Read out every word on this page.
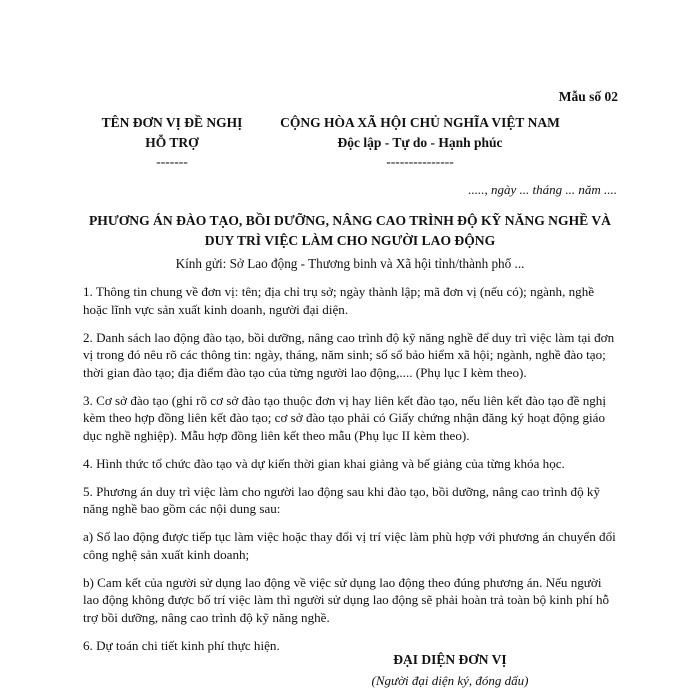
Mẫu số 02
TÊN ĐƠN VỊ ĐỀ NGHỊ
HỖ TRỢ
-------
CỘNG HÒA XÃ HỘI CHỦ NGHĨA VIỆT NAM
Độc lập - Tự do - Hạnh phúc
---------------
....., ngày ... tháng ... năm ....
PHƯƠNG ÁN ĐÀO TẠO, BỒI DƯỠNG, NÂNG CAO TRÌNH ĐỘ KỸ NĂNG NGHỀ VÀ
DUY TRÌ VIỆC LÀM CHO NGƯỜI LAO ĐỘNG
Kính gửi: Sở Lao động - Thương binh và Xã hội tỉnh/thành phố ...

1. Thông tin chung về đơn vị: tên; địa chỉ trụ sở; ngày thành lập; mã đơn vị (nếu có); ngành, nghề hoặc lĩnh vực sản xuất kinh doanh, người đại diện.

2. Danh sách lao động đào tạo, bồi dưỡng, nâng cao trình độ kỹ năng nghề để duy trì việc làm tại đơn vị trong đó nêu rõ các thông tin: ngày, tháng, năm sinh; số sổ bảo hiểm xã hội; ngành, nghề đào tạo; thời gian đào tạo; địa điểm đào tạo của từng người lao động,.... (Phụ lục I kèm theo).

3. Cơ sở đào tạo (ghi rõ cơ sở đào tạo thuộc đơn vị hay liên kết đào tạo, nếu liên kết đào tạo đề nghị kèm theo hợp đồng liên kết đào tạo; cơ sở đào tạo phải có Giấy chứng nhận đăng ký hoạt động giáo dục nghề nghiệp). Mẫu hợp đồng liên kết theo mẫu (Phụ lục II kèm theo).

4. Hình thức tổ chức đào tạo và dự kiến thời gian khai giảng và bế giảng của từng khóa học.

5. Phương án duy trì việc làm cho người lao động sau khi đào tạo, bồi dưỡng, nâng cao trình độ kỹ năng nghề bao gồm các nội dung sau:

a) Số lao động được tiếp tục làm việc hoặc thay đổi vị trí việc làm phù hợp với phương án chuyển đổi công nghệ sản xuất kinh doanh;

b) Cam kết của người sử dụng lao động về việc sử dụng lao động theo đúng phương án. Nếu người lao động không được bố trí việc làm thì người sử dụng lao động sẽ phải hoàn trả toàn bộ kinh phí hỗ trợ bồi dưỡng, nâng cao trình độ kỹ năng nghề.

6. Dự toán chi tiết kinh phí thực hiện.

ĐẠI DIỆN ĐƠN VỊ
(Người đại diện ký, đóng dấu)
